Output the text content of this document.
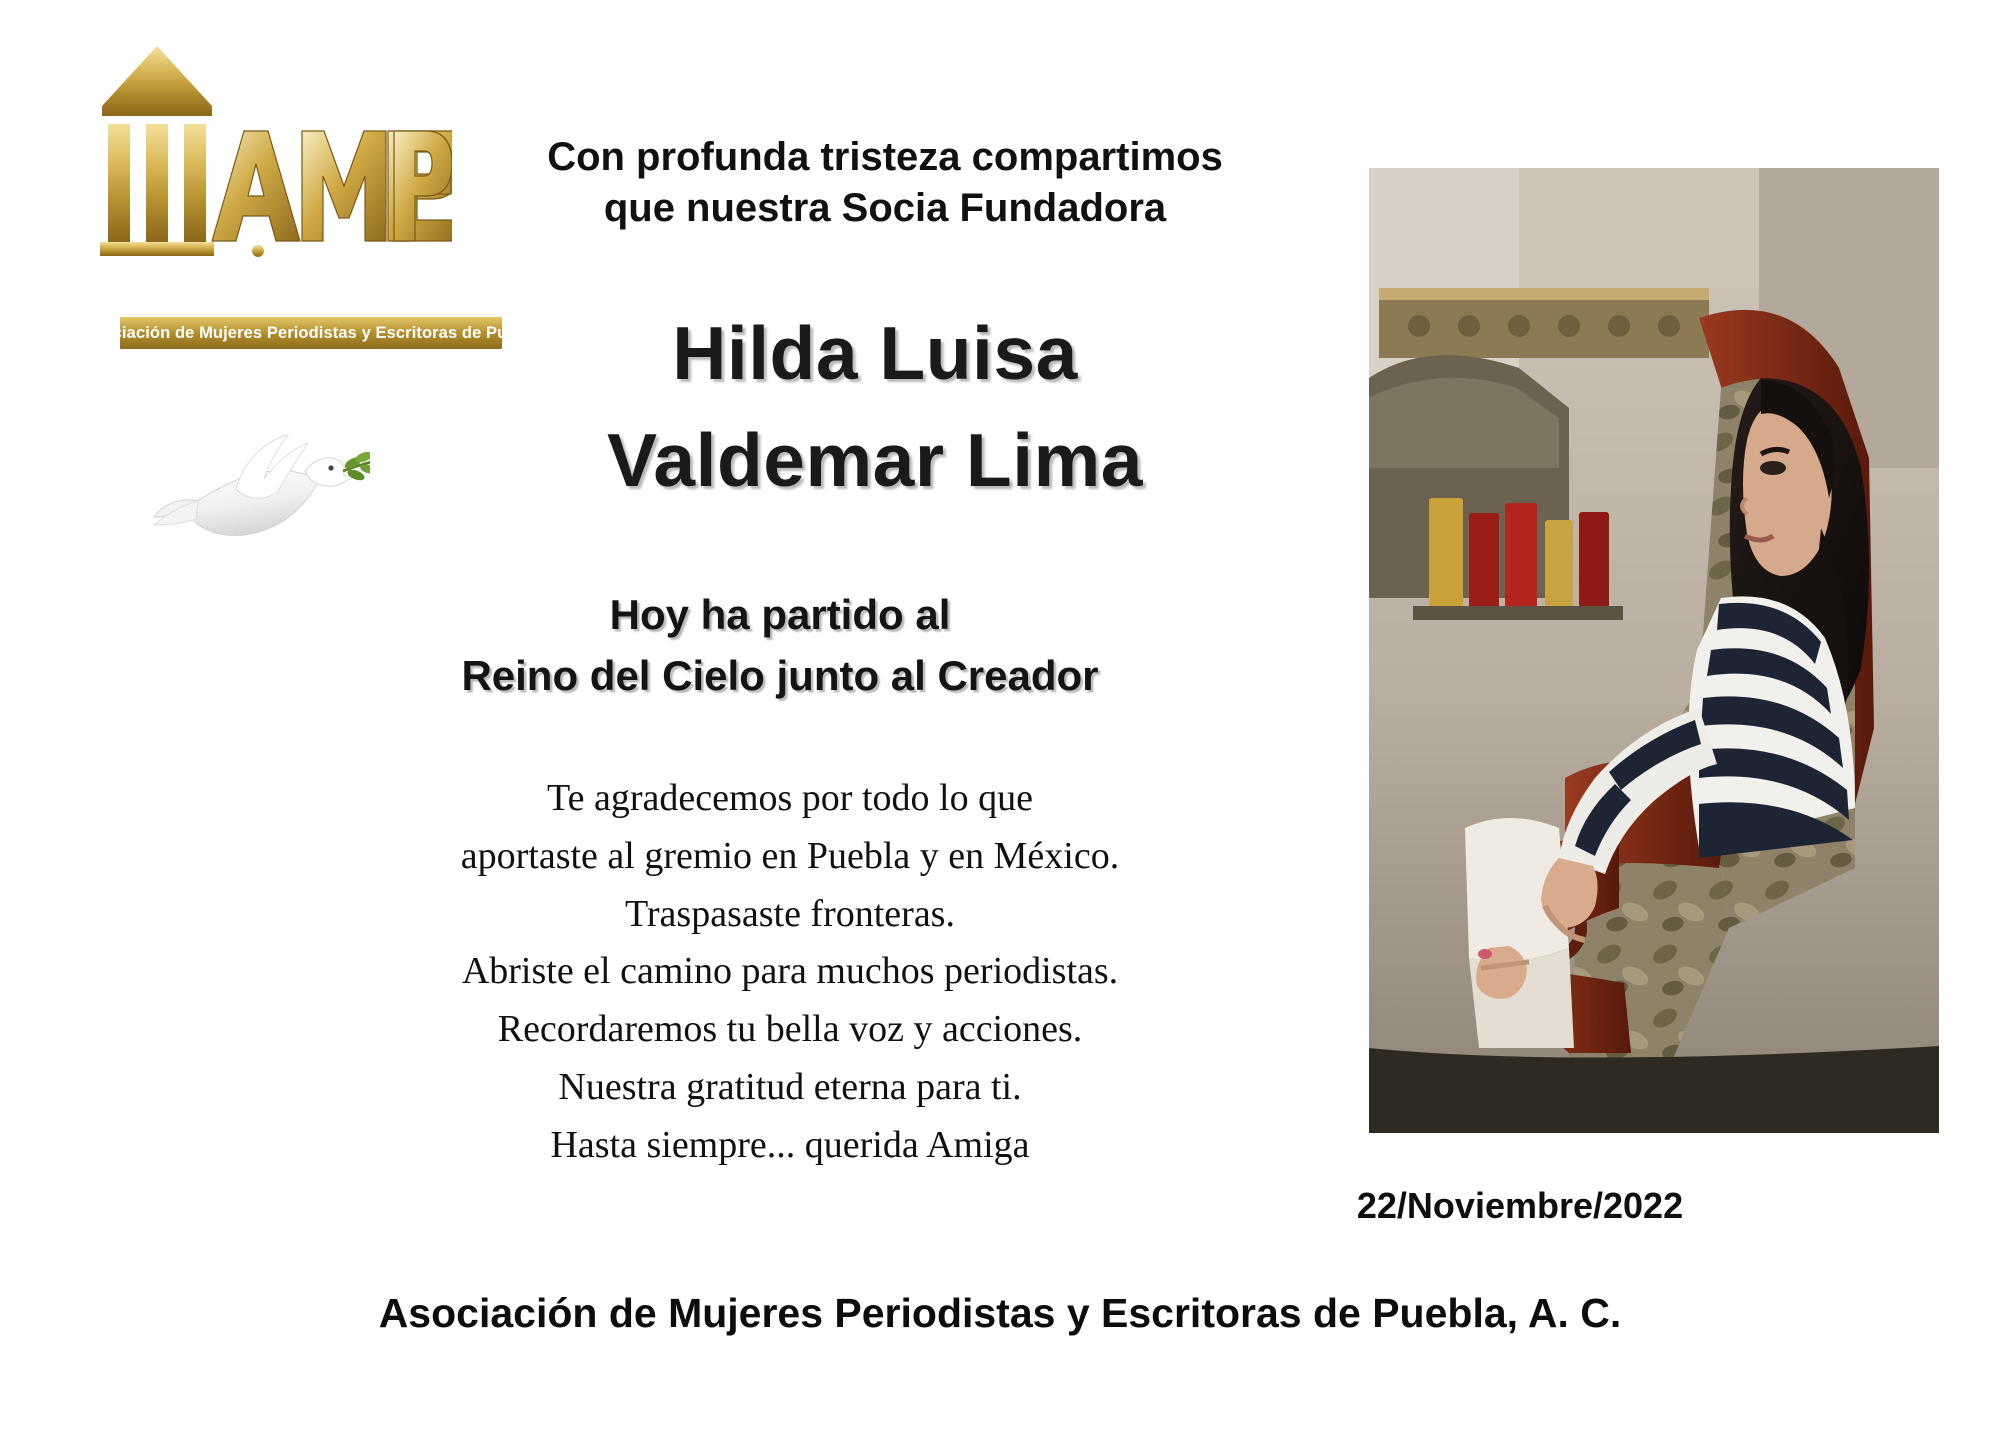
Asociación de Mujeres Periodistas y Escritoras de Puebla
Con profunda tristeza compartimos
que nuestra Socia Fundadora
Hilda Luisa
Valdemar Lima
Hoy ha partido al
Reino del Cielo junto al Creador
Te agradecemos por todo lo que
aportaste al gremio en Puebla y en México.
Traspasaste fronteras.
Abriste el camino para muchos periodistas.
Recordaremos tu bella voz y acciones.
Nuestra gratitud eterna para ti.
Hasta siempre... querida Amiga
22/Noviembre/2022
Asociación de Mujeres Periodistas y Escritoras de Puebla, A. C.
